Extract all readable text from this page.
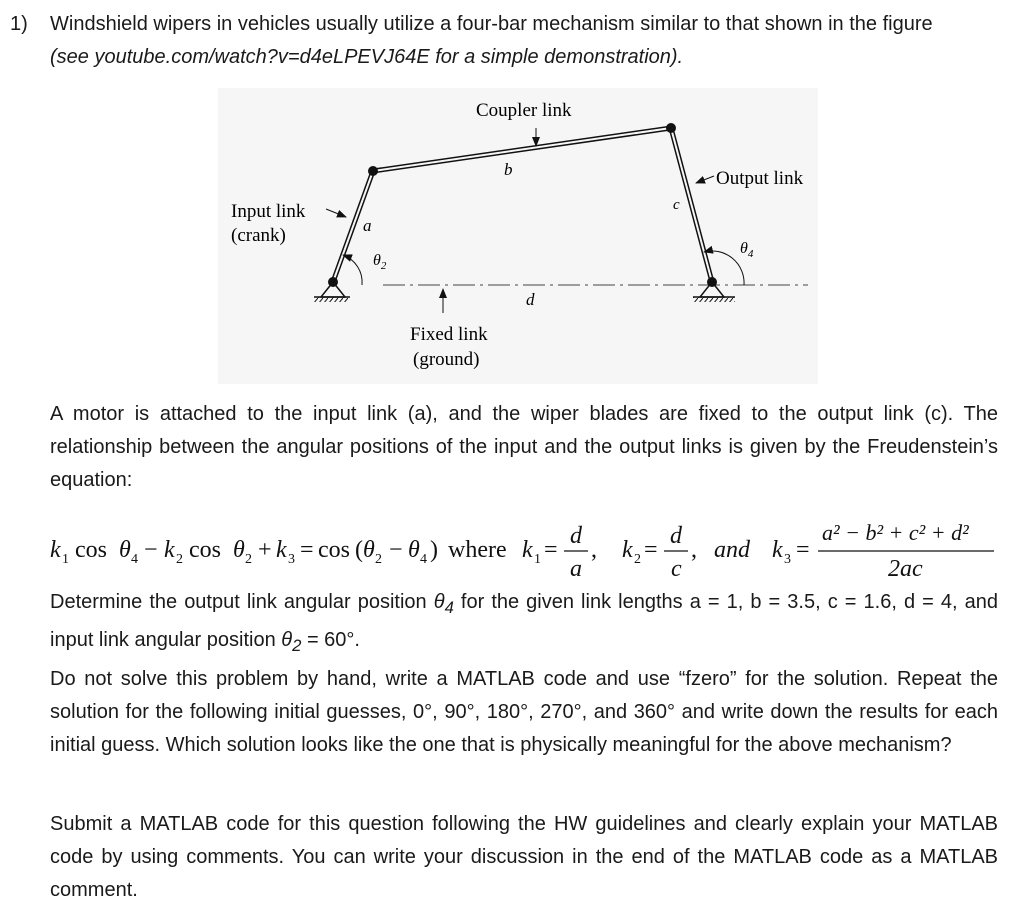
1) Windshield wipers in vehicles usually utilize a four-bar mechanism similar to that shown in the figure
(see youtube.com/watch?v=d4eLPEVJ64E for a simple demonstration).
Coupler link
Output link
Input link
(crank)
Fixed link
(ground)
a
b
c
d
$\theta_2$
$\theta_4$
A motor is attached to the input link (a), and the wiper blades are fixed to the output link (c). The relationship between the angular positions of the input and the output links is given by the Freudenstein’s equation:
k 1 cos θ 4 − k 2 cos θ 2 + k 3 = cos ( θ 2 − θ 4 ) where k 1 =
d
a
, k 2 =
d
c
, and k 3 =
a² − b² + c² + d²
2ac
Determine the output link angular position $\theta_4$ for the given link lengths a = 1, b = 3.5, c = 1.6, d = 4, and input link angular position $\theta_2 = 60^\circ$.
Do not solve this problem by hand, write a MATLAB code and use “fzero” for the solution. Repeat the solution for the following initial guesses, 0°, 90°, 180°, 270°, and 360° and write down the results for each initial guess. Which solution looks like the one that is physically meaningful for the above mechanism?
Submit a MATLAB code for this question following the HW guidelines and clearly explain your MATLAB code by using comments. You can write your discussion in the end of the MATLAB code as a MATLAB comment.
